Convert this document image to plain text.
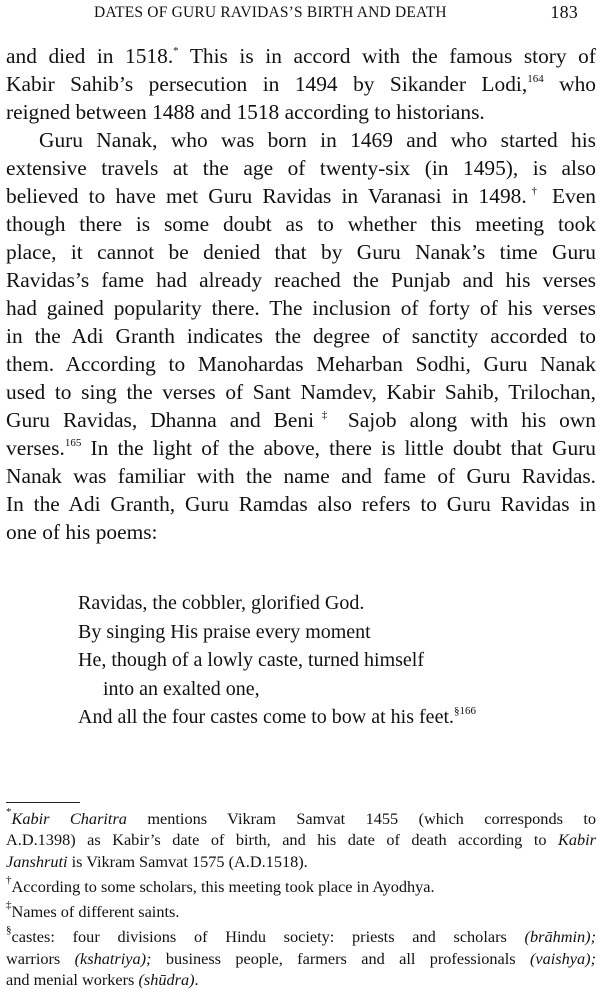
DATES OF GURU RAVIDAS’S BIRTH AND DEATH	183

and died in 1518.* This is in accord with the famous story of
Kabir Sahib’s persecution in 1494 by Sikander Lodi,$^{164}$ who
reigned between 1488 and 1518 according to historians.

Guru Nanak, who was born in 1469 and who started his
extensive travels at the age of twenty-six (in 1495), is also
believed to have met Guru Ravidas in Varanasi in 1498.† Even
though there is some doubt as to whether this meeting took
place, it cannot be denied that by Guru Nanak’s time Guru
Ravidas’s fame had already reached the Punjab and his verses
had gained popularity there. The inclusion of forty of his verses
in the Adi Granth indicates the degree of sanctity accorded to
them. According to Manohardas Meharban Sodhi, Guru Nanak
used to sing the verses of Sant Namdev, Kabir Sahib, Trilochan,
Guru Ravidas, Dhanna and Beni‡ Sajob along with his own
verses.$^{165}$ In the light of the above, there is little doubt that Guru
Nanak was familiar with the name and fame of Guru Ravidas.
In the Adi Granth, Guru Ramdas also refers to Guru Ravidas in
one of his poems:

Ravidas, the cobbler, glorified God.
By singing His praise every moment
He, though of a lowly caste, turned himself
into an exalted one,
And all the four castes come to bow at his feet.$^{\S 166}$
*Kabir Charitra mentions Vikram Samvat 1455 (which corresponds to
A.D.1398) as Kabir’s date of birth, and his date of death according to Kabir
Janshruti is Vikram Samvat 1575 (A.D.1518).
†According to some scholars, this meeting took place in Ayodhya.
‡Names of different saints.
§castes: four divisions of Hindu society: priests and scholars (brāhmin);
warriors (kshatriya); business people, farmers and all professionals (vaishya);
and menial workers (shūdra).
